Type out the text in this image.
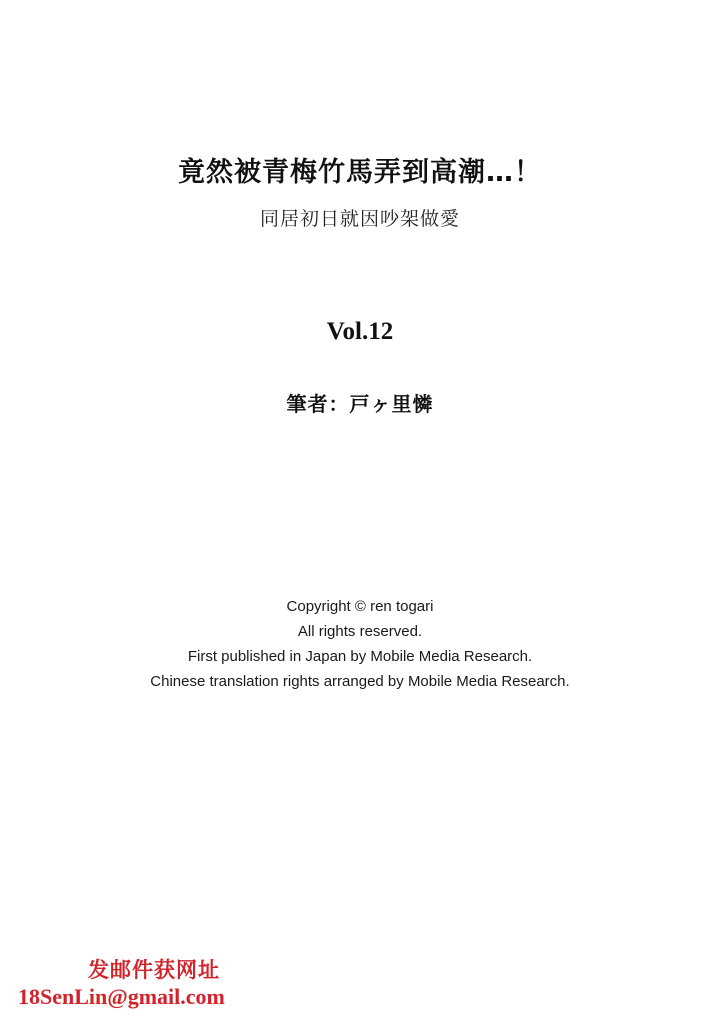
竟然被青梅竹馬弄到高潮…！

同居初日就因吵架做愛

Vol.12
筆者：戸ヶ里憐
Copyright © ren togari
All rights reserved.
First published in Japan by Mobile Media Research.
Chinese translation rights arranged by Mobile Media Research.
发邮件获网址
18SenLin@gmail.com
